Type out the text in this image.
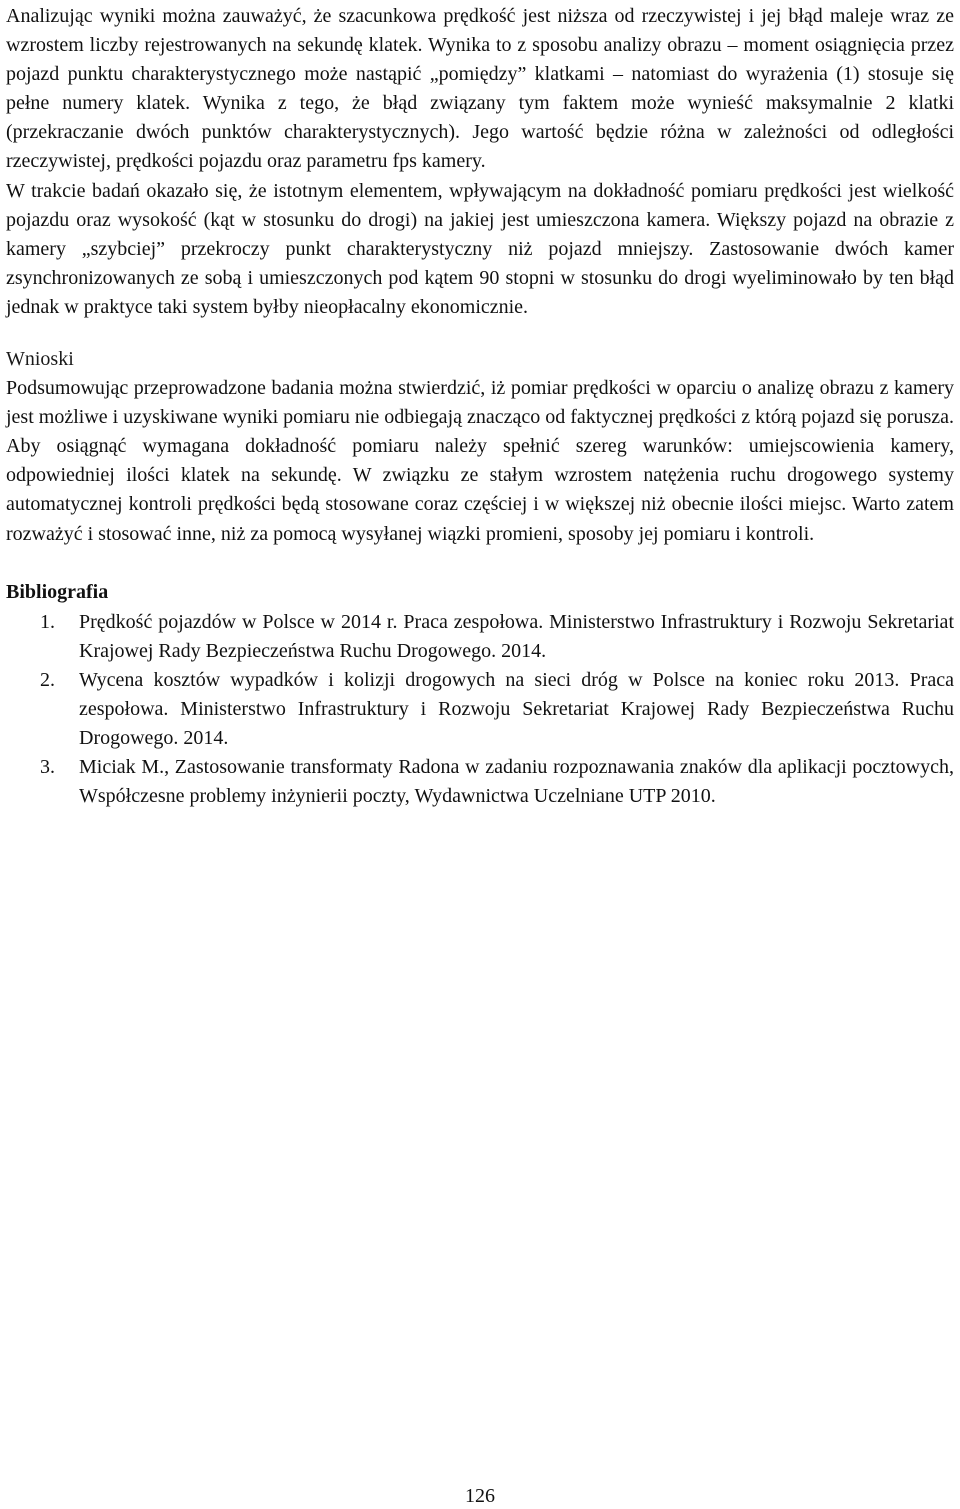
Analizując wyniki można zauważyć, że szacunkowa prędkość jest niższa od rzeczywistej i jej błąd maleje wraz ze wzrostem liczby rejestrowanych na sekundę klatek. Wynika to z sposobu analizy obrazu – moment osiągnięcia przez pojazd punktu charakterystycznego może nastąpić „pomiędzy” klatkami – natomiast do wyrażenia (1) stosuje się pełne numery klatek. Wynika z tego, że błąd związany tym faktem może wynieść maksymalnie 2 klatki (przekraczanie dwóch punktów charakterystycznych). Jego wartość będzie różna w zależności od odległości rzeczywistej, prędkości pojazdu oraz parametru fps kamery.

W trakcie badań okazało się, że istotnym elementem, wpływającym na dokładność pomiaru prędkości jest wielkość pojazdu oraz wysokość (kąt w stosunku do drogi) na jakiej jest umieszczona kamera. Większy pojazd na obrazie z kamery „szybciej” przekroczy punkt charakterystyczny niż pojazd mniejszy. Zastosowanie dwóch kamer zsynchronizowanych ze sobą i umieszczonych pod kątem 90 stopni w stosunku do drogi wyeliminowało by ten błąd jednak w praktyce taki system byłby nieopłacalny ekonomicznie.

Wnioski

Podsumowując przeprowadzone badania można stwierdzić, iż pomiar prędkości w oparciu o analizę obrazu z kamery jest możliwe i uzyskiwane wyniki pomiaru nie odbiegają znacząco od faktycznej prędkości z którą pojazd się porusza. Aby osiągnąć wymagana dokładność pomiaru należy spełnić szereg warunków: umiejscowienia kamery, odpowiedniej ilości klatek na sekundę. W związku ze stałym wzrostem natężenia ruchu drogowego systemy automatycznej kontroli prędkości będą stosowane coraz częściej i w większej niż obecnie ilości miejsc. Warto zatem rozważyć i stosować inne, niż za pomocą wysyłanej wiązki promieni, sposoby jej pomiaru i kontroli.

Bibliografia
1. Prędkość pojazdów w Polsce w 2014 r. Praca zespołowa. Ministerstwo Infrastruktury i Rozwoju Sekretariat Krajowej Rady Bezpieczeństwa Ruchu Drogowego. 2014.
2. Wycena kosztów wypadków i kolizji drogowych na sieci dróg w Polsce na koniec roku 2013. Praca zespołowa. Ministerstwo Infrastruktury i Rozwoju Sekretariat Krajowej Rady Bezpieczeństwa Ruchu Drogowego. 2014.
3. Miciak M., Zastosowanie transformaty Radona w zadaniu rozpoznawania znaków dla aplikacji pocztowych, Współczesne problemy inżynierii poczty, Wydawnictwa Uczelniane UTP 2010.
126
